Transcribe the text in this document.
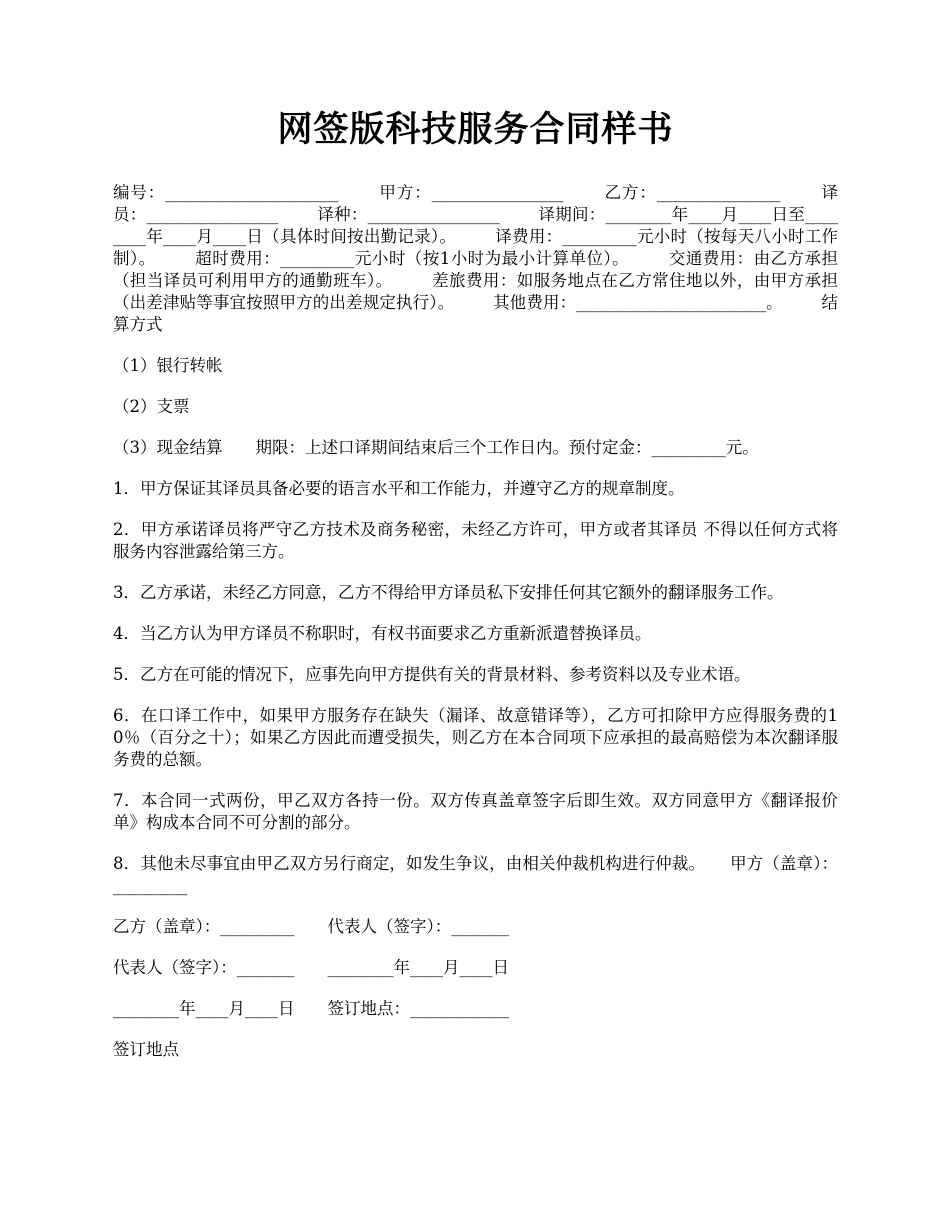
网签版科技服务合同样书

编号：_____________________ 　　甲方：________________ 　　乙方：_______________ 　　译员：________________ 　　译种：________________ 　　译期间：________年____月____日至________年____月____日（具体时间按出勤记录）。 　　译费用：_________元小时（按每天八小时工作制）。 　　超时费用：_________元小时（按1小时为最小计算单位）。 　　交通费用：由乙方承担（担当译员可利用甲方的通勤班车）。 　　差旅费用：如服务地点在乙方常住地以外，由甲方承担（出差津贴等事宜按照甲方的出差规定执行）。 　　其他费用：_______________________。 　　结算方式

（1）银行转帐

（2）支票

（3）现金结算　　期限：上述口译期间结束后三个工作日内。预付定金：_________元。

1．甲方保证其译员具备必要的语言水平和工作能力，并遵守乙方的规章制度。

2．甲方承诺译员将严守乙方技术及商务秘密，未经乙方许可，甲方或者其译员 不得以任何方式将服务内容泄露给第三方。

3．乙方承诺，未经乙方同意，乙方不得给甲方译员私下安排任何其它额外的翻译服务工作。

4．当乙方认为甲方译员不称职时，有权书面要求乙方重新派遣替换译员。

5．乙方在可能的情况下，应事先向甲方提供有关的背景材料、参考资料以及专业术语。

6．在口译工作中，如果甲方服务存在缺失（漏译、故意错译等），乙方可扣除甲方应得服务费的10％（百分之十）；如果乙方因此而遭受损失，则乙方在本合同项下应承担的最高赔偿为本次翻译服务费的总额。

7．本合同一式两份，甲乙双方各持一份。双方传真盖章签字后即生效。双方同意甲方《翻译报价单》构成本合同不可分割的部分。

8．其他未尽事宜由甲乙双方另行商定，如发生争议，由相关仲裁机构进行仲裁。　　甲方（盖章）：_________

乙方（盖章）：_________　　代表人（签字）：_______

代表人（签字）：_______　　________年____月____日

________年____月____日　　签订地点：____________

签订地点
